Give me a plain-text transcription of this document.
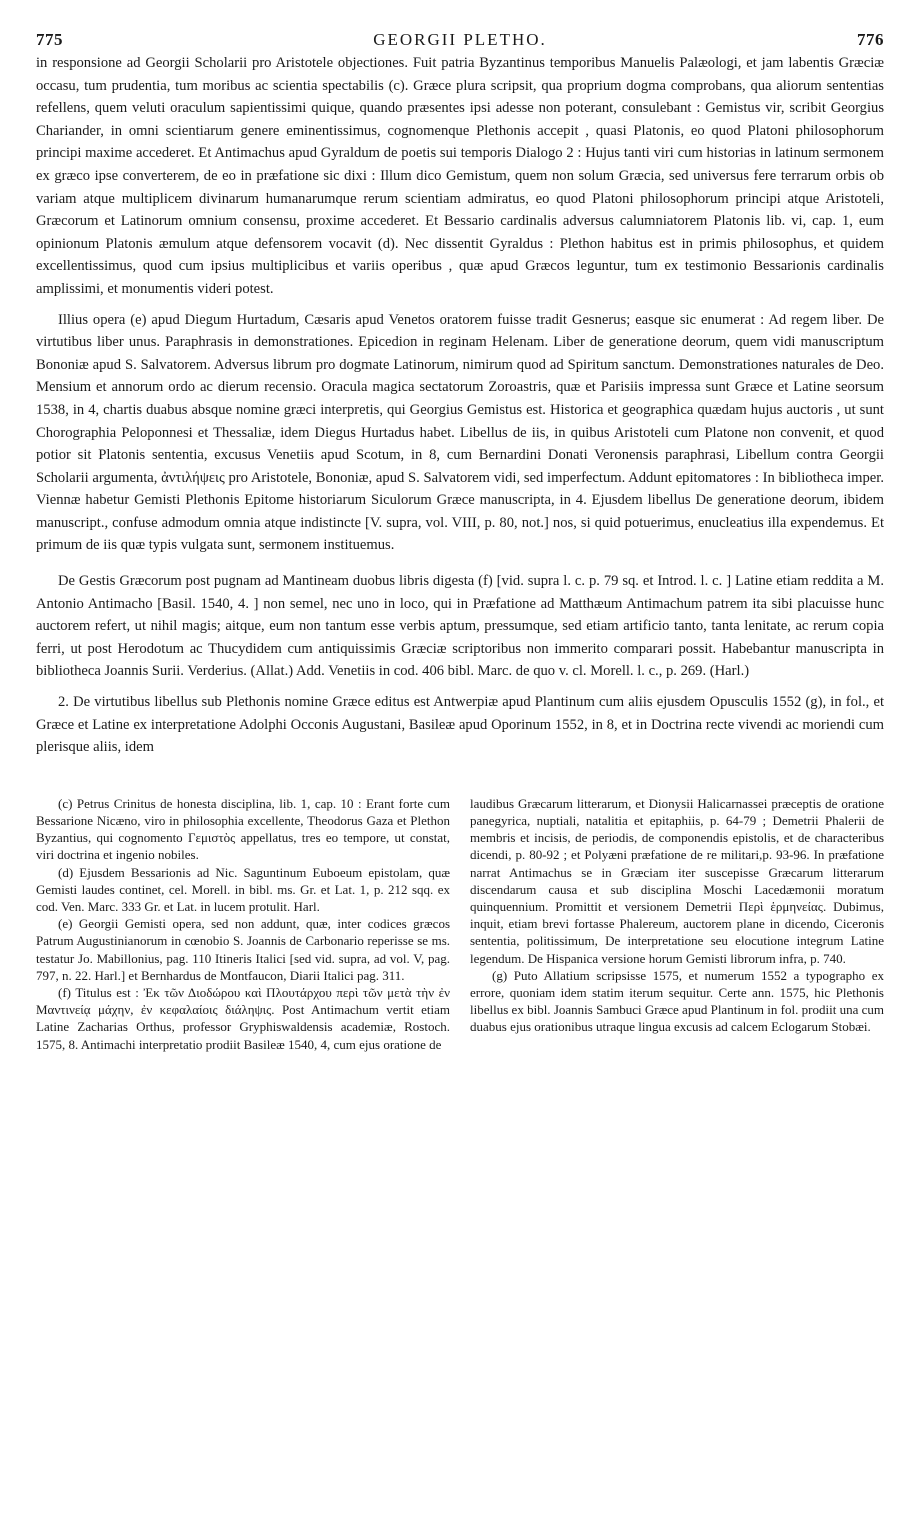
775	GEORGII PLETHO.	776

in responsione ad Georgii Scholarii pro Aristotele objectiones. Fuit patria Byzantinus temporibus Manuelis Palæologi, et jam labentis Græciæ occasu, tum prudentia, tum moribus ac scientia spectabilis (c). Græce plura scripsit, qua proprium dogma comprobans, qua aliorum sententias refellens, quem veluti oraculum sapientissimi quique, quando præsentes ipsi adesse non poterant, consulebant : Gemistus vir, scribit Georgius Chariander, in omni scientiarum genere eminentissimus, cognomenque Plethonis accepit , quasi Platonis, eo quod Platoni philosophorum principi maxime accederet. Et Antimachus apud Gyraldum de poetis sui temporis Dialogo 2 : Hujus tanti viri cum historias in latinum sermonem ex græco ipse converterem, de eo in præfatione sic dixi : Illum dico Gemistum, quem non solum Græcia, sed universus fere terrarum orbis ob variam atque multiplicem divinarum humanarumque rerum scientiam admiratus, eo quod Platoni philosophorum principi atque Aristoteli, Græcorum et Latinorum omnium consensu, proxime accederet. Et Bessario cardinalis adversus calumniatorem Platonis lib. vi, cap. 1, eum opinionum Platonis æmulum atque defensorem vocavit (d). Nec dissentit Gyraldus : Plethon habitus est in primis philosophus, et quidem excellentissimus, quod cum ipsius multiplicibus et variis operibus , quæ apud Græcos leguntur, tum ex testimonio Bessarionis cardinalis amplissimi, et monumentis videri potest.

Illius opera (e) apud Diegum Hurtadum, Cæsaris apud Venetos oratorem fuisse tradit Gesnerus; easque sic enumerat : Ad regem liber. De virtutibus liber unus. Paraphrasis in demonstrationes. Epicedion in reginam Helenam. Liber de generatione deorum, quem vidi manuscriptum Bononiæ apud S. Salvatorem. Adversus librum pro dogmate Latinorum, nimirum quod ad Spiritum sanctum. Demonstrationes naturales de Deo. Mensium et annorum ordo ac dierum recensio. Oracula magica sectatorum Zoroastris, quæ et Parisiis impressa sunt Græce et Latine seorsum 1538, in 4, chartis duabus absque nomine græci interpretis, qui Georgius Gemistus est. Historica et geographica quædam hujus auctoris , ut sunt Chorographia Peloponnesi et Thessaliæ, idem Diegus Hurtadus habet. Libellus de iis, in quibus Aristoteli cum Platone non convenit, et quod potior sit Platonis sententia, excusus Venetiis apud Scotum, in 8, cum Bernardini Donati Veronensis paraphrasi, Libellum contra Georgii Scholarii argumenta, ἀντιλήψεις pro Aristotele, Bononiæ, apud S. Salvatorem vidi, sed imperfectum. Addunt epitomatores : In bibliotheca imper. Viennæ habetur Gemisti Plethonis Epitome historiarum Siculorum Græce manuscripta, in 4. Ejusdem libellus De generatione deorum, ibidem manuscript., confuse admodum omnia atque indistincte [V. supra, vol. VIII, p. 80, not.] nos, si quid potuerimus, enucleatius illa expendemus. Et primum de iis quæ typis vulgata sunt, sermonem instituemus.

De Gestis Græcorum post pugnam ad Mantineam duobus libris digesta (f) [vid. supra l. c. p. 79 sq. et Introd. l. c. ] Latine etiam reddita a M. Antonio Antimacho [Basil. 1540, 4. ] non semel, nec uno in loco, qui in Præfatione ad Matthæum Antimachum patrem ita sibi placuisse hunc auctorem refert, ut nihil magis; aitque, eum non tantum esse verbis aptum, pressumque, sed etiam artificio tanto, tanta lenitate, ac rerum copia ferri, ut post Herodotum ac Thucydidem cum antiquissimis Græciæ scriptoribus non immerito comparari possit. Habebantur manuscripta in bibliotheca Joannis Surii. Verderius. (Allat.) Add. Venetiis in cod. 406 bibl. Marc. de quo v. cl. Morell. l. c., p. 269. (Harl.)

2. De virtutibus libellus sub Plethonis nomine Græce editus est Antwerpiæ apud Plantinum cum aliis ejusdem Opusculis 1552 (g), in fol., et Græce et Latine ex interpretatione Adolphi Occonis Augustani, Basileæ apud Oporinum 1552, in 8, et in Doctrina recte vivendi ac moriendi cum plerisque aliis, idem

(c) Petrus Crinitus de honesta disciplina, lib. 1, cap. 10 : Erant forte cum Bessarione Nicæno, viro in philosophia excellente, Theodorus Gaza et Plethon Byzantius, qui cognomento Γεμιστὸς appellatus, tres eo tempore, ut constat, viri doctrina et ingenio nobiles.

(d) Ejusdem Bessarionis ad Nic. Saguntinum Euboeum epistolam, quæ Gemisti laudes continet, cel. Morell. in bibl. ms. Gr. et Lat. 1, p. 212 sqq. ex cod. Ven. Marc. 333 Gr. et Lat. in lucem protulit. Harl.

(e) Georgii Gemisti opera, sed non addunt, quæ, inter codices græcos Patrum Augustinianorum in cœnobio S. Joannis de Carbonario reperisse se ms. testatur Jo. Mabillonius, pag. 110 Itineris Italici [sed vid. supra, ad vol. V, pag. 797, n. 22. Harl.] et Bernhardus de Montfaucon, Diarii Italici pag. 311.

(f) Titulus est : Ἐκ τῶν Διοδώρου καὶ Πλουτάρχου περὶ τῶν μετὰ τὴν ἐν Μαντινείᾳ μάχην, ἐν κεφαλαίοις διάληψις. Post Antimachum vertit etiam Latine Zacharias Orthus, professor Gryphiswaldensis academiæ, Rostoch. 1575, 8. Antimachi interpretatio prodiit Basileæ 1540, 4, cum ejus oratione de

laudibus Græcarum litterarum, et Dionysii Halicarnassei præceptis de oratione panegyrica, nuptiali, natalitia et epitaphiis, p. 64-79 ; Demetrii Phalerii de membris et incisis, de periodis, de componendis epistolis, et de characteribus dicendi, p. 80-92 ; et Polyæni præfatione de re militari,p. 93-96. In præfatione narrat Antimachus se in Græciam iter suscepisse Græcarum litterarum discendarum causa et sub disciplina Moschi Lacedæmonii moratum quinquennium. Promittit et versionem Demetrii Περὶ ἑρμηνείας. Dubimus, inquit, etiam brevi fortasse Phalereum, auctorem plane in dicendo, Ciceronis sententia, politissimum, De interpretatione seu elocutione integrum Latine legendum. De Hispanica versione horum Gemisti librorum infra, p. 740.

(g) Puto Allatium scripsisse 1575, et numerum 1552 a typographo ex errore, quoniam idem statim iterum sequitur. Certe ann. 1575, hic Plethonis libellus ex bibl. Joannis Sambuci Græce apud Plantinum in fol. prodiit una cum duabus ejus orationibus utraque lingua excusis ad calcem Eclogarum Stobæi.
